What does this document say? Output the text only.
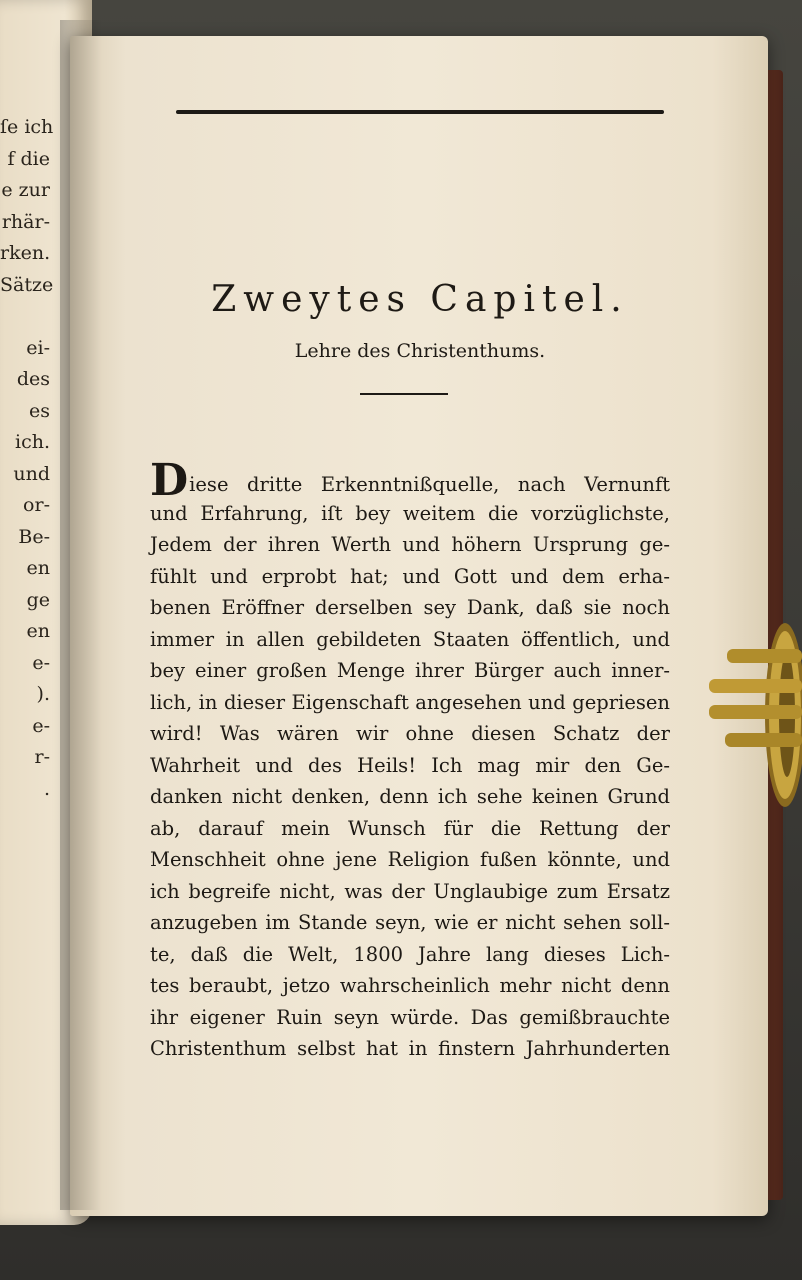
ſe ich
f die
e zur
rhär-
rken.
Sätze
ei-
des
es
ich.
und
or-
Be-
en
ge
en
e-
).
e-
r-
.
Zweytes Capitel.
Lehre des Christenthums.
Diese dritte Erkenntnißquelle, nach Vernunft
und Erfahrung, iſt bey weitem die vorzüglichste,
Jedem der ihren Werth und höhern Ursprung ge-
fühlt und erprobt hat; und Gott und dem erha-
benen Eröffner derselben sey Dank, daß sie noch
immer in allen gebildeten Staaten öffentlich, und
bey einer großen Menge ihrer Bürger auch inner-
lich, in dieser Eigenschaft angesehen und gepriesen
wird! Was wären wir ohne diesen Schatz der
Wahrheit und des Heils! Ich mag mir den Ge-
danken nicht denken, denn ich sehe keinen Grund
ab, darauf mein Wunsch für die Rettung der
Menschheit ohne jene Religion fußen könnte, und
ich begreife nicht, was der Unglaubige zum Ersatz
anzugeben im Stande seyn, wie er nicht sehen soll-
te, daß die Welt, 1800 Jahre lang dieses Lich-
tes beraubt, jetzo wahrscheinlich mehr nicht denn
ihr eigener Ruin seyn würde. Das gemißbrauchte
Christenthum selbst hat in finstern Jahrhunderten
